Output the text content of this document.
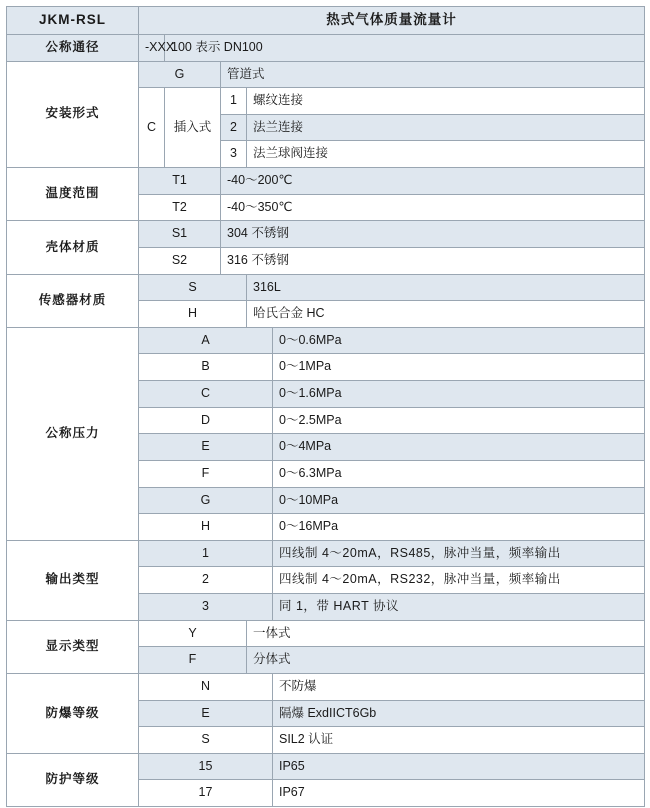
JKM-RSL	热式气体质量流量计				
公称通径	-XXX	100 表示 DN100			
安装形式	G		管道式		
	C	插入式	1	螺纹连接	
			2	法兰连接	
			3	法兰球阀连接	
温度范围	T1		-40～200℃		
	T2		-40～350℃		
壳体材质	S1		304 不锈钢		
	S2		316 不锈钢		
传感器材质	S			316L	
	H			哈氏合金 HC	
公称压力	A				0～0.6MPa
	B				0～1MPa
	C				0～1.6MPa
	D				0～2.5MPa
	E				0～4MPa
	F				0～6.3MPa
	G				0～10MPa
	H				0～16MPa
输出类型	1				四线制 4～20mA，RS485，脉冲当量，频率输出
	2				四线制 4～20mA，RS232，脉冲当量，频率输出
	3				同 1，带 HART 协议
显示类型	Y			一体式	
	F			分体式	
防爆等级	N				不防爆
	E				隔爆 ExdIICT6Gb
	S				SIL2 认证
防护等级	15				IP65
	17				IP67
